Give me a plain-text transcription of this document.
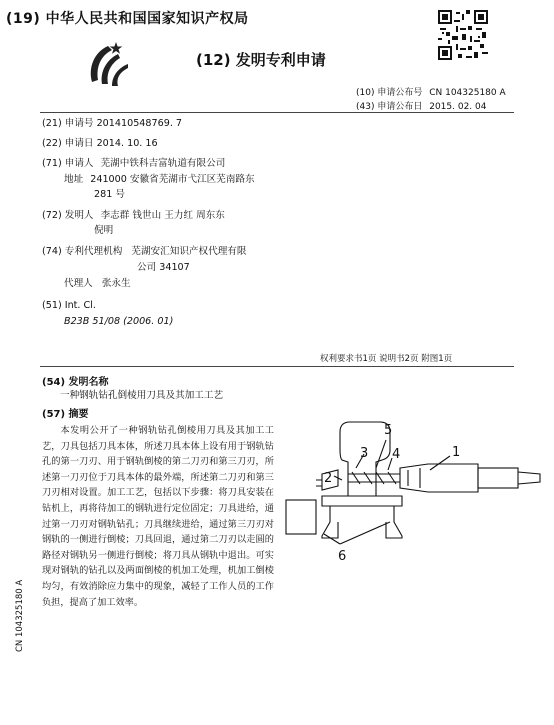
(19) 中华人民共和国国家知识产权局
(12) 发明专利申请
(10) 申请公布号 CN 104325180 A
(43) 申请公布日 2015. 02. 04
(21) 申请号 201410548769. 7
(22) 申请日 2014. 10. 16
(71) 申请人 芜湖中铁科吉富轨道有限公司
地址 241000 安徽省芜湖市弋江区芜南路东
281 号
(72) 发明人 李志群 钱世山 王力红 周东东
倪明
(74) 专利代理机构 芜湖安汇知识产权代理有限
公司 34107
代理人 张永生
(51) Int. Cl.
B23B 51/08 (2006. 01)
权利要求书1页 说明书2页 附图1页
(54) 发明名称
一种钢轨钻孔倒棱用刀具及其加工工艺
(57) 摘要
本发明公开了一种钢轨钻孔倒棱用刀具及其加工工艺，刀具包括刀具本体，所述刀具本体上设有用于钢轨钻孔的第一刀刃、用于钢轨倒棱的第二刀刃和第三刀刃，所述第一刀刃位于刀具本体的最外端，所述第二刀刃和第三刀刃相对设置。加工工艺，包括以下步骤：将刀具安装在钻机上，再将待加工的钢轨进行定位固定；刀具进给，通过第一刀刃对钢轨钻孔；刀具继续进给，通过第三刀刃对钢轨的一侧进行倒棱；刀具回退，通过第二刀刃以走圆的路径对钢轨另一侧进行倒棱；将刀具从钢轨中退出。可实现对钢轨的钻孔以及两面倒棱的机加工处理，机加工倒棱均匀，有效消除应力集中的现象，减轻了工作人员的工作负担，提高了加工效率。
1
5
3 4
2
6
CN 104325180 A
